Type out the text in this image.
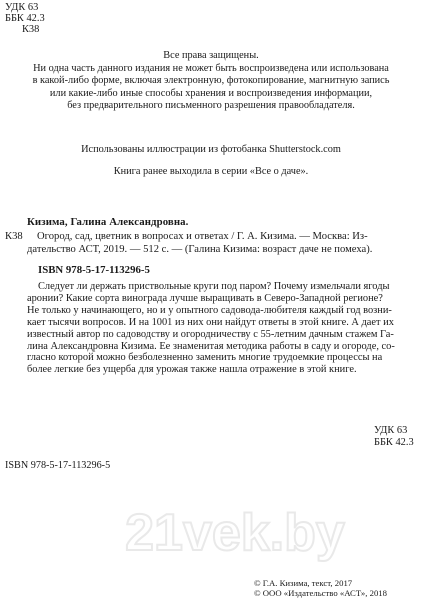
УДК 63
ББК 42.3
К38
Все права защищены.
Ни одна часть данного издания не может быть воспроизведена или использована
в какой-либо форме, включая электронную, фотокопирование, магнитную запись
или какие-либо иные способы хранения и воспроизведения информации,
без предварительного письменного разрешения правообладателя.
Использованы иллюстрации из фотобанка Shutterstock.com
Книга ранее выходила в серии «Все о даче».
Кизима, Галина Александровна.
К38	Огород, сад, цветник в вопросах и ответах / Г. А. Кизима. — Москва: Из-
дательство АСТ, 2019. — 512 с. — (Галина Кизима: возраст даче не помеха).
ISBN 978-5-17-113296-5
Следует ли держать приствольные круги под паром? Почему измельчали ягоды
аронии? Какие сорта винограда лучше выращивать в Северо-Западной регионе?
Не только у начинающего, но и у опытного садовода-любителя каждый год возни-
кает тысячи вопросов. И на 1001 из них они найдут ответы в этой книге. А дает их
известный автор по садоводству и огородничеству с 55-летним дачным стажем Га-
лина Александровна Кизима. Ее знаменитая методика работы в саду и огороде, со-
гласно которой можно безболезненно заменить многие трудоемкие процессы на
более легкие без ущерба для урожая также нашла отражение в этой книге.
УДК 63
ББК 42.3
ISBN 978-5-17-113296-5
21vek.by
© Г.А. Кизима, текст, 2017
© ООО «Издательство «АСТ», 2018
